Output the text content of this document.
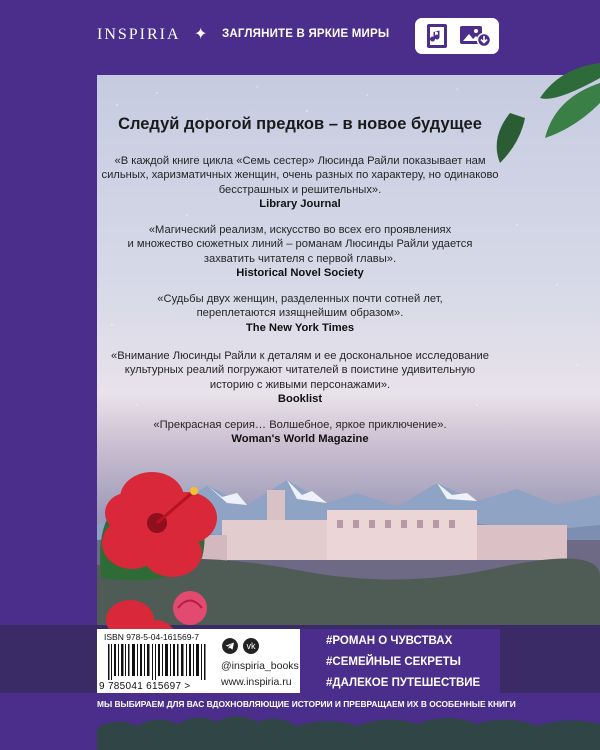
INSPIRIA ✦ ЗАГЛЯНИТЕ В ЯРКИЕ МИРЫ
Следуй дорогой предков – в новое будущее
«В каждой книге цикла «Семь сестер» Люсинда Райли показывает нам
сильных, харизматичных женщин, очень разных по характеру, но одинаково
бесстрашных и решительных».
Library Journal
«Магический реализм, искусство во всех его проявлениях
и множество сюжетных линий – романам Люсинды Райли удается
захватить читателя с первой главы».
Historical Novel Society
«Судьбы двух женщин, разделенных почти сотней лет,
переплетаются изящнейшим образом».
The New York Times
«Внимание Люсинды Райли к деталям и ее доскональное исследование
культурных реалий погружают читателей в поистине удивительную
историю с живыми персонажами».
Booklist
«Прекрасная серия… Волшебное, яркое приключение».
Woman's World Magazine
ISBN 978-5-04-161569-7
9 785041 615697 >
vk
@inspiria_books
www.inspiria.ru
#РОМАН О ЧУВСТВАХ
#СЕМЕЙНЫЕ СЕКРЕТЫ
#ДАЛЕКОЕ ПУТЕШЕСТВИЕ
МЫ ВЫБИРАЕМ ДЛЯ ВАС ВДОХНОВЛЯЮЩИЕ ИСТОРИИ И ПРЕВРАЩАЕМ ИХ В ОСОБЕННЫЕ КНИГИ
